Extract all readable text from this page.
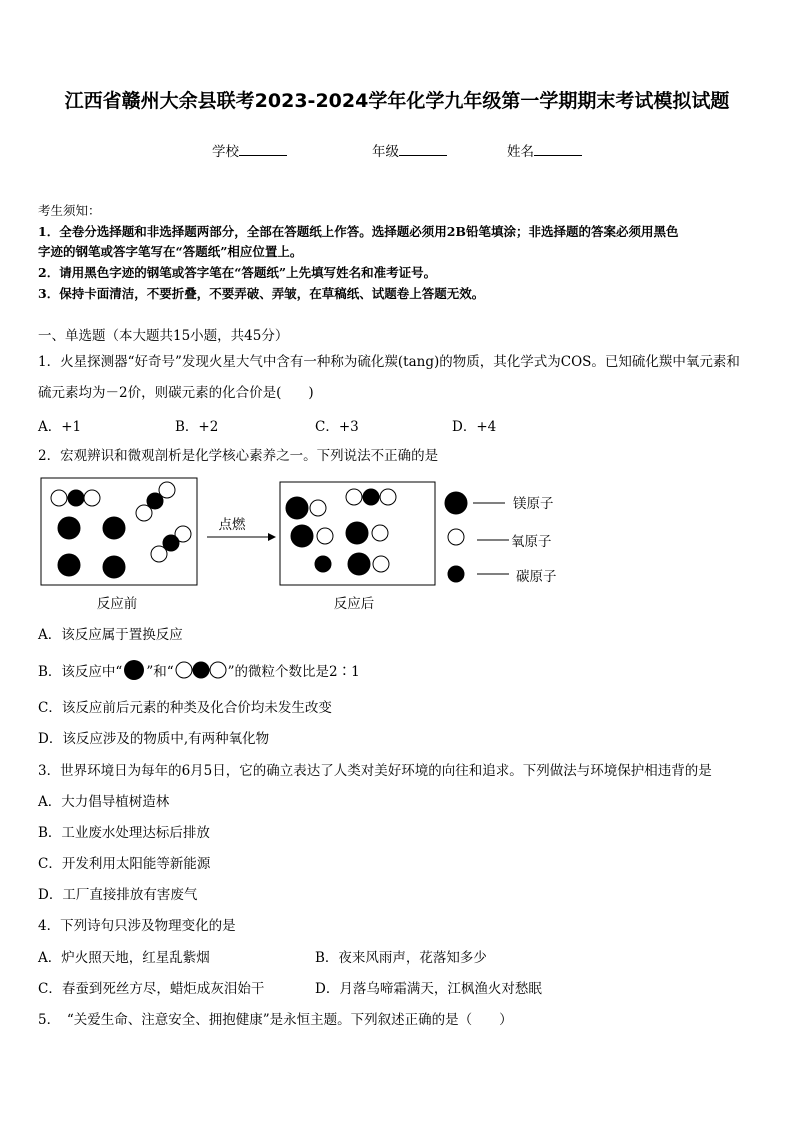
江西省赣州大余县联考2023-2024学年化学九年级第一学期期末考试模拟试题
学校	年级	姓名
考生须知：
1．全卷分选择题和非选择题两部分，全部在答题纸上作答。选择题必须用2B铅笔填涂；非选择题的答案必须用黑色
字迹的钢笔或答字笔写在“答题纸”相应位置上。
2．请用黑色字迹的钢笔或答字笔在“答题纸”上先填写姓名和准考证号。
3．保持卡面清洁，不要折叠，不要弄破、弄皱，在草稿纸、试题卷上答题无效。
一、单选题（本大题共15小题，共45分）
1．火星探测器“好奇号”发现火星大气中含有一种称为硫化羰(tang)的物质，其化学式为COS。已知硫化羰中氧元素和
硫元素均为－2价，则碳元素的化合价是(　　)
A．+1	B．+2	C．+3	D．+4
2．宏观辨识和微观剖析是化学核心素养之一。下列说法不正确的是
点燃
反应前	反应后
镁原子
氧原子
碳原子
A．该反应属于置换反应
B．该反应中“ ”和“	”的微粒个数比是2∶1
C．该反应前后元素的种类及化合价均未发生改变
D．该反应涉及的物质中,有两种氧化物
3．世界环境日为每年的6月5日，它的确立表达了人类对美好环境的向往和追求。下列做法与环境保护相违背的是
A．大力倡导植树造林
B．工业废水处理达标后排放
C．开发利用太阳能等新能源
D．工厂直接排放有害废气
4．下列诗句只涉及物理变化的是
A．炉火照天地，红星乱紫烟	B．夜来风雨声，花落知多少
C．春蚕到死丝方尽，蜡炬成灰泪始干	D．月落乌啼霜满天，江枫渔火对愁眠
5．　“关爱生命、注意安全、拥抱健康”是永恒主题。下列叙述正确的是（　　）
